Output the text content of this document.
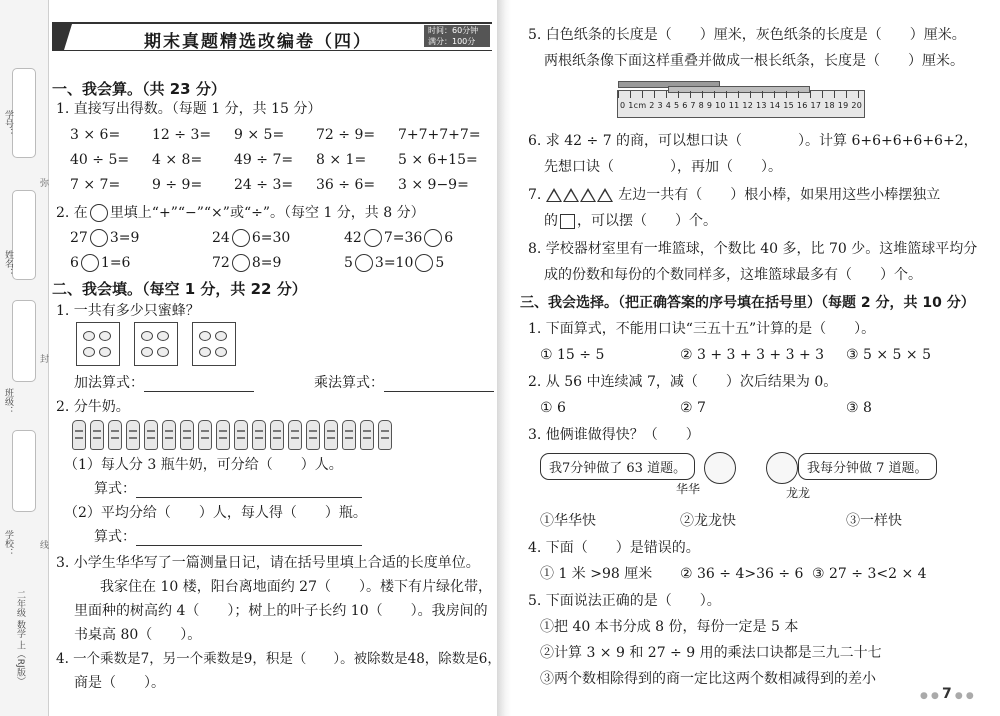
学号：
姓名：
班级：
学校：
弥
封
线
二年级 数学 上（RJ版）
期末真题精选改编卷（四）
时间：60分钟
满分：100分
一、我会算。（共 23 分）
1. 直接写出得数。（每题 1 分，共 15 分）
3 × 6= 12 ÷ 3= 9 × 5= 72 ÷ 9= 7+7+7+7=
40 ÷ 5= 4 × 8= 49 ÷ 7= 8 × 1= 5 × 6+15=
7 × 7= 9 ÷ 9= 24 ÷ 3= 36 ÷ 6= 3 × 9−9=
2. 在 里填上“+”“−”“×”或“÷”。（每空 1 分，共 8 分）
27 3=9	24 6=30	42 7=36 6
6 1=6	72 8=9	5 3=10 5
二、我会填。（每空 1 分，共 22 分）
1. 一共有多少只蜜蜂？
加法算式：	乘法算式：
2. 分牛奶。
（1）每人分 3 瓶牛奶，可分给（　　）人。
算式：
（2）平均分给（　　）人，每人得（　　）瓶。
算式：
3. 小学生华华写了一篇测量日记，请在括号里填上合适的长度单位。
我家住在 10 楼，阳台离地面约 27（　　）。楼下有片绿化带，
里面种的树高约 4（　　）；树上的叶子长约 10（　　）。我房间的
书桌高 80（　　）。
4. 一个乘数是7，另一个乘数是9，积是（　　）。被除数是48，除数是6，
商是（　　）。
5. 白色纸条的长度是（　　）厘米，灰色纸条的长度是（　　）厘米。
两根纸条像下面这样重叠并做成一根长纸条，长度是（　　）厘米。
0 1cm 2 3 4 5 6 7 8 9 10 11 12 13 14 15 16 17 18 19 20
6. 求 42 ÷ 7 的商，可以想口诀（　　　　）。计算 6+6+6+6+6+2，
先想口诀（　　　　），再加（　　）。
7.	左边一共有（　　）根小棒，如果用这些小棒摆独立
的 ，可以摆（　　）个。
8. 学校器材室里有一堆篮球，个数比 40 多，比 70 少。这堆篮球平均分
成的份数和每份的个数同样多，这堆篮球最多有（　　）个。
三、我会选择。（把正确答案的序号填在括号里）（每题 2 分，共 10 分）
1. 下面算式，不能用口诀“三五十五”计算的是（　　）。
① 15 ÷ 5	② 3 + 3 + 3 + 3 + 3 ③ 5 × 5 × 5
2. 从 56 中连续减 7，减（　　）次后结果为 0。
① 6	② 7	③ 8
3. 他俩谁做得快？（　　）
我7分钟做了 63 道题。
华华
我每分钟做 7 道题。
龙龙
①华华快	②龙龙快	③一样快
4. 下面（　　）是错误的。
① 1 米 >98 厘米 ② 36 ÷ 4>36 ÷ 6 ③ 27 ÷ 3<2 × 4
5. 下面说法正确的是（　　）。
①把 40 本书分成 8 份，每份一定是 5 本
②计算 3 × 9 和 27 ÷ 9 用的乘法口诀都是三九二十七
③两个数相除得到的商一定比这两个数相减得到的差小
● ● 7 ● ●
